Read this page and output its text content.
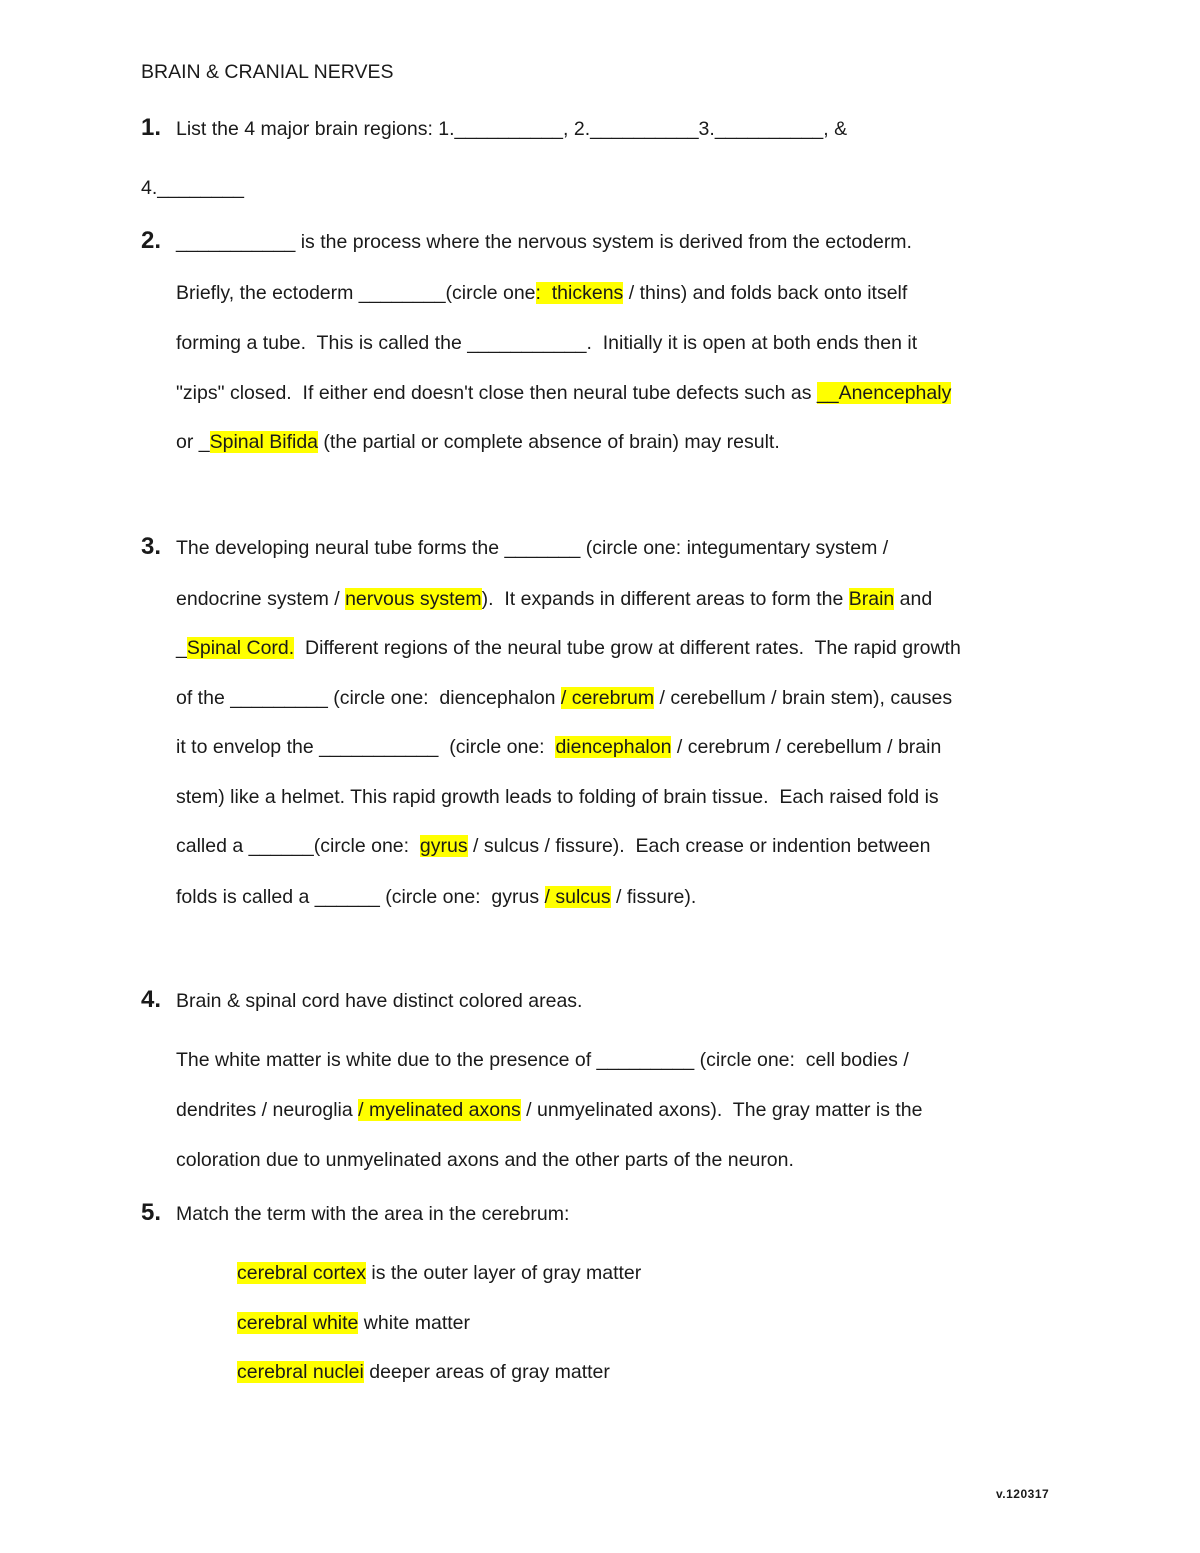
BRAIN & CRANIAL NERVES
1. List the 4 major brain regions: 1.__________, 2.__________3.__________, &
4.________
2. ___________ is the process where the nervous system is derived from the ectoderm.
Briefly, the ectoderm ________(circle one:  thickens / thins) and folds back onto itself
forming a tube.  This is called the ___________.  Initially it is open at both ends then it
"zips" closed.  If either end doesn't close then neural tube defects such as __Anencephaly
or _Spinal Bifida (the partial or complete absence of brain) may result.
3. The developing neural tube forms the _______ (circle one: integumentary system /
endocrine system / nervous system).  It expands in different areas to form the Brain and
_Spinal Cord.  Different regions of the neural tube grow at different rates.  The rapid growth
of the _________ (circle one:  diencephalon / cerebrum / cerebellum / brain stem), causes
it to envelop the ___________  (circle one:  diencephalon / cerebrum / cerebellum / brain
stem) like a helmet. This rapid growth leads to folding of brain tissue.  Each raised fold is
called a ______(circle one:  gyrus / sulcus / fissure).  Each crease or indention between
folds is called a ______ (circle one:  gyrus / sulcus / fissure).
4. Brain & spinal cord have distinct colored areas.
The white matter is white due to the presence of _________ (circle one:  cell bodies /
dendrites / neuroglia / myelinated axons / unmyelinated axons).  The gray matter is the
coloration due to unmyelinated axons and the other parts of the neuron.
5. Match the term with the area in the cerebrum:
cerebral cortex is the outer layer of gray matter
cerebral white white matter
cerebral nuclei deeper areas of gray matter
v.120317
